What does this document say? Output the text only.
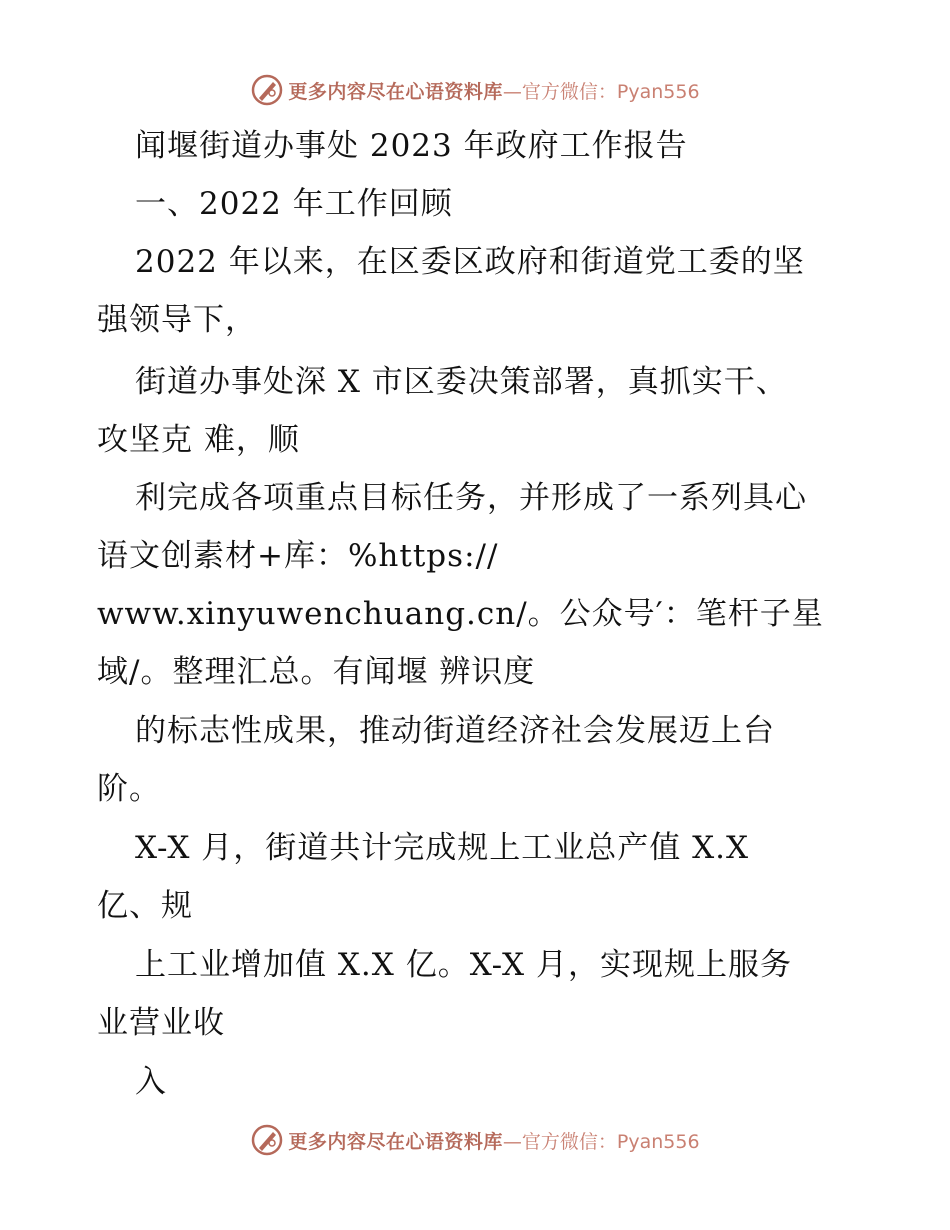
更多内容尽在心语资料库 —官方微信：Pyan556
闻堰街道办事处 2023 年政府工作报告
一、2022 年工作回顾
2022 年以来，在区委区政府和街道党工委的坚
强领导下，
街道办事处深 X 市区委决策部署，真抓实干、
攻坚克 难，顺
利完成各项重点目标任务，并形成了一系列具心
语文创素材+库：%https://
www.xinyuwenchuang.cn/。公众号′：笔杆子星
域/。整理汇总。有闻堰 辨识度
的标志性成果，推动街道经济社会发展迈上台
阶。
X-X 月，街道共计完成规上工业总产值 X.X
亿、规
上工业增加值 X.X 亿。X-X 月，实现规上服务
业营业收
入
更多内容尽在心语资料库 —官方微信：Pyan556
